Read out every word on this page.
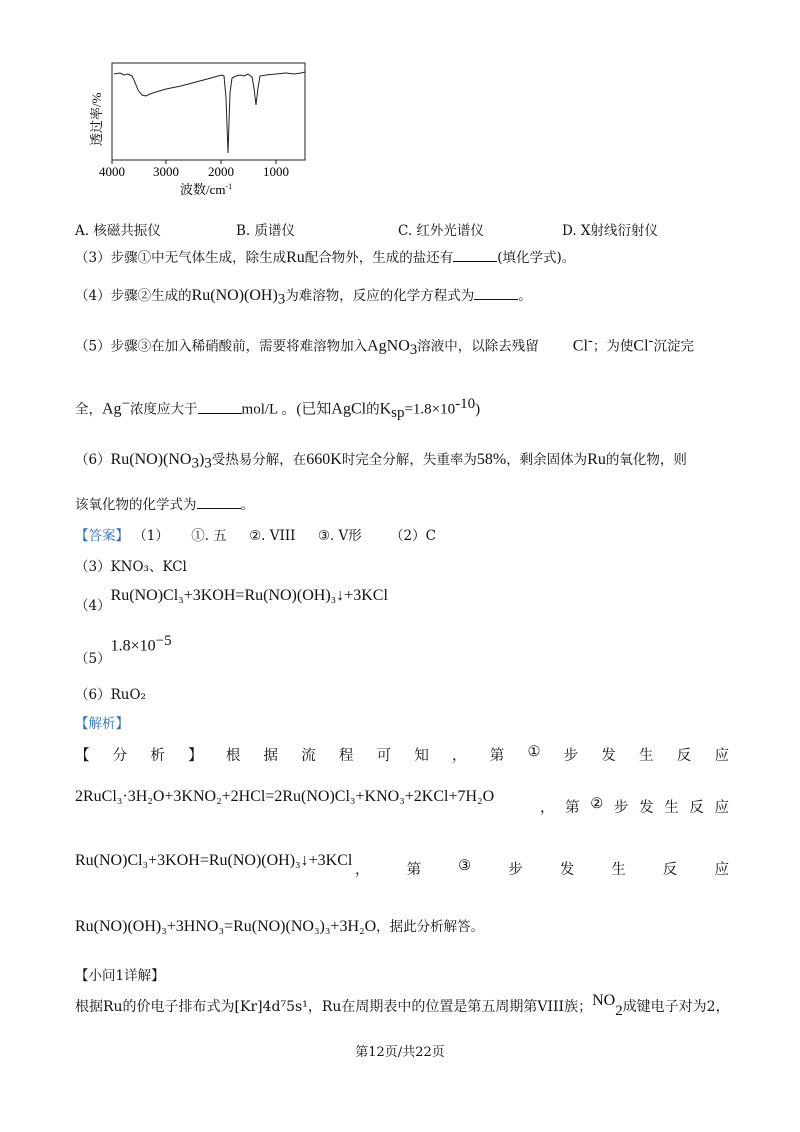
4000 3000 2000 1000
透过率/%
波数$/cm^{-1}$
A. 核磁共振仪	B. 质谱仪	C. 红外光谱仪	D. X射线衍射仪
（3）步骤①中无气体生成，除生成Ru配合物外，生成的盐还有	(填化学式)。
（4）步骤②生成的$Ru(NO)(OH)_3$为难溶物，反应的化学方程式为	。
（5）步骤③在加入稀硝酸前，需要将难溶物加入AgNO$_3$溶液中，以除去残留 Cl-；为使Cl-沉淀完
全，Ag−浓度应大于	mol/L 。(已知AgCl的$K_{sp}=1.8\times 10^{-10}$)
$(6)Ru(NO)(NO_3)_3$受热易分解，在660K时完全分解，失重率为58%，剩余固体为Ru的氧化物，则
该氧化物的化学式为	。
【答案】 （1） ①. 五 ②. VIII ③. V形 （2）C
（3）KNO₃、KCl
（4）Ru(NO)Cl₃+3KOH=Ru(NO)(OH)₃↓+3KCl
$(5)1.8\times 10^{-5}$
（6）RuO₂
【解析】
【 分 析 】 根 据 流 程 可 知 ， 第 ① 步 发 生 反 应
2RuCl₃·3H₂O+3KNO₂+2HCl=2Ru(NO)Cl₃+KNO₃+2KCl+7H₂O
， 第 ② 步 发 生 反 应
Ru(NO)Cl₃+3KOH=Ru(NO)(OH)₃↓+3KCl
，	第	③	步	发	生	反	应
Ru(NO)(OH)₃+3HNO₃=Ru(NO)(NO₃)₃+3H₂O，据此分析解答。
【小问1详解】
根据Ru的价电子排布式为[Kr]4d⁷5s¹，Ru在周期表中的位置是第五周期第VIII族；$NO_2$成键电子对为2，
第12页/共22页
